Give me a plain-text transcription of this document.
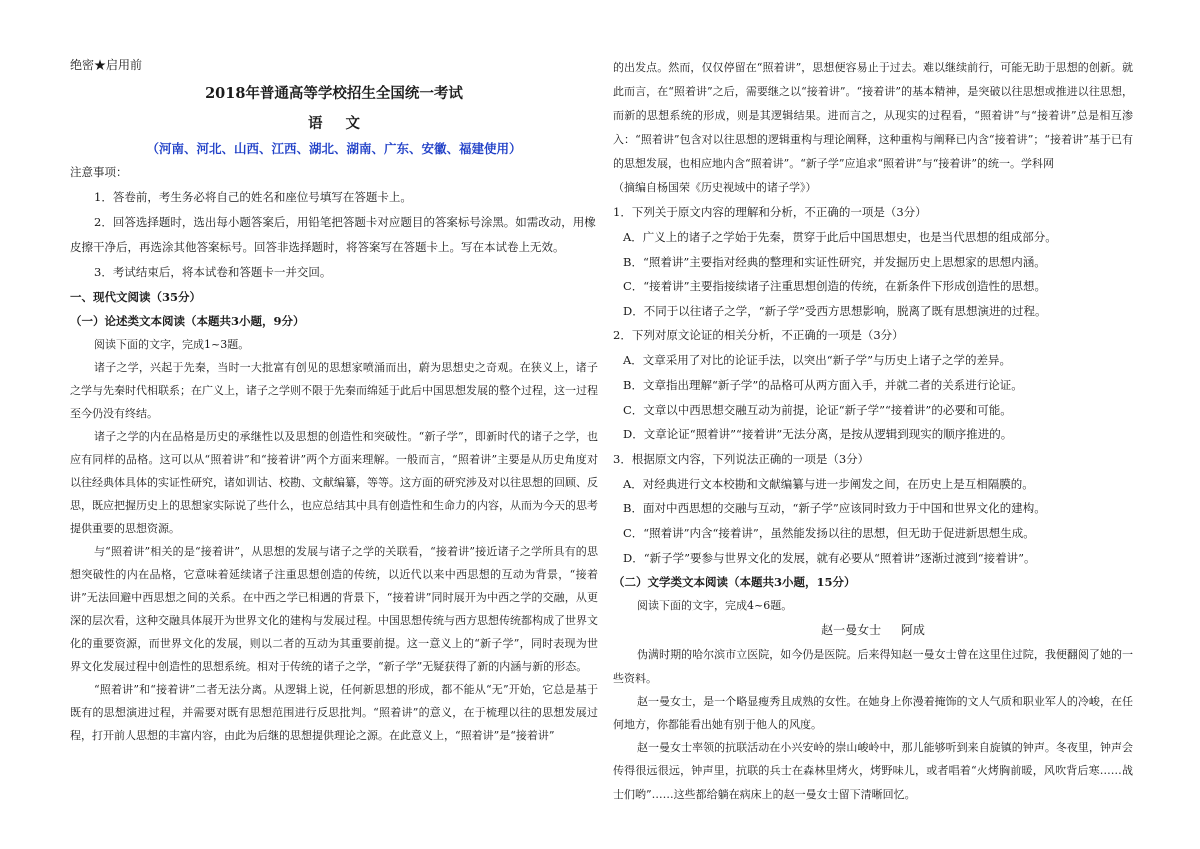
绝密★启用前

2018年普通高等学校招生全国统一考试

语 文

（河南、河北、山西、江西、湖北、湖南、广东、安徽、福建使用）

注意事项：

1．答卷前，考生务必将自己的姓名和座位号填写在答题卡上。

2．回答选择题时，选出每小题答案后，用铅笔把答题卡对应题目的答案标号涂黑。如需改动，用橡皮擦干净后，再选涂其他答案标号。回答非选择题时，将答案写在答题卡上。写在本试卷上无效。

3．考试结束后，将本试卷和答题卡一并交回。

一、现代文阅读（35分）

（一）论述类文本阅读（本题共3小题，9分）

阅读下面的文字，完成1~3题。

诸子之学，兴起于先秦，当时一大批富有创见的思想家喷涌而出，蔚为思想史之奇观。在狭义上，诸子之学与先秦时代相联系；在广义上，诸子之学则不限于先秦而绵延于此后中国思想发展的整个过程，这一过程至今仍没有终结。

诸子之学的内在品格是历史的承继性以及思想的创造性和突破性。“新子学”，即新时代的诸子之学，也应有同样的品格。这可以从“照着讲”和“接着讲”两个方面来理解。一般而言，“照着讲”主要是从历史角度对以往经典体具体的实证性研究，诸如训诂、校勘、文献编纂，等等。这方面的研究涉及对以往思想的回顾、反思，既应把握历史上的思想家实际说了些什么，也应总结其中具有创造性和生命力的内容，从而为今天的思考提供重要的思想资源。

与“照着讲”相关的是“接着讲”，从思想的发展与诸子之学的关联看，“接着讲”接近诸子之学所具有的思想突破性的内在品格，它意味着延续诸子注重思想创造的传统，以近代以来中西思想的互动为背景，“接着讲”无法回避中西思想之间的关系。在中西之学已相遇的背景下，“接着讲”同时展开为中西之学的交融，从更深的层次看，这种交融具体展开为世界文化的建构与发展过程。中国思想传统与西方思想传统都构成了世界文化的重要资源，而世界文化的发展，则以二者的互动为其重要前提。这一意义上的“新子学”，同时表现为世界文化发展过程中创造性的思想系统。相对于传统的诸子之学，“新子学”无疑获得了新的内涵与新的形态。

“照着讲”和“接着讲”二者无法分离。从逻辑上说，任何新思想的形成，都不能从“无”开始，它总是基于既有的思想演进过程，并需要对既有思想范围进行反思批判。“照着讲”的意义，在于梳理以往的思想发展过程，打开前人思想的丰富内容，由此为后继的思想提供理论之源。在此意义上，“照着讲”是“接着讲”

的出发点。然而，仅仅停留在“照着讲”，思想便容易止于过去。难以继续前行，可能无助于思想的创新。就此而言，在“照着讲”之后，需要继之以“接着讲”。“接着讲”的基本精神，是突破以往思想或推进以往思想，而新的思想系统的形成，则是其逻辑结果。进而言之，从现实的过程看，“照着讲”与“接着讲”总是相互渗入：“照着讲”包含对以往思想的逻辑重构与理论阐释，这种重构与阐释已内含“接着讲”；“接着讲”基于已有的思想发展，也相应地内含“照着讲”。“新子学”应追求“照着讲”与“接着讲”的统一。学科网

（摘编自杨国荣《历史视域中的诸子学》）

1．下列关于原文内容的理解和分析，不正确的一项是（3分）

A．广义上的诸子之学始于先秦，贯穿于此后中国思想史，也是当代思想的组成部分。

B．“照着讲”主要指对经典的整理和实证性研究，并发掘历史上思想家的思想内涵。

C．“接着讲”主要指接续诸子注重思想创造的传统，在新条件下形成创造性的思想。

D．不同于以往诸子之学，“新子学”受西方思想影响，脱离了既有思想演进的过程。

2．下列对原文论证的相关分析，不正确的一项是（3分）

A．文章采用了对比的论证手法，以突出“新子学”与历史上诸子之学的差异。

B．文章指出理解“新子学”的品格可从两方面入手，并就二者的关系进行论证。

C．文章以中西思想交融互动为前提，论证“新子学”“接着讲”的必要和可能。

D．文章论证“照着讲”“接着讲”无法分离，是按从逻辑到现实的顺序推进的。

3．根据原文内容，下列说法正确的一项是（3分）

A．对经典进行文本校勘和文献编纂与进一步阐发之间，在历史上是互相隔膜的。

B．面对中西思想的交融与互动，“新子学”应该同时致力于中国和世界文化的建构。

C．“照着讲”内含“接着讲”，虽然能发扬以往的思想，但无助于促进新思想生成。

D．“新子学”要参与世界文化的发展，就有必要从“照着讲”逐渐过渡到“接着讲”。

（二）文学类文本阅读（本题共3小题，15分）

阅读下面的文字，完成4~6题。

赵一曼女士 阿成

伪满时期的哈尔滨市立医院，如今仍是医院。后来得知赵一曼女士曾在这里住过院，我便翻阅了她的一些资料。

赵一曼女士，是一个略显瘦秀且成熟的女性。在她身上你漫着掩饰的文人气质和职业军人的冷峻，在任何地方，你都能看出她有别于他人的风度。

赵一曼女士率领的抗联活动在小兴安岭的崇山峻岭中，那儿能够听到来自旋镇的钟声。冬夜里，钟声会传得很远很远，钟声里，抗联的兵士在森林里烤火，烤野味儿，或者唱着“火烤胸前暖，风吹背后寒……战士们哟”……这些都给躺在病床上的赵一曼女士留下清晰回忆。
